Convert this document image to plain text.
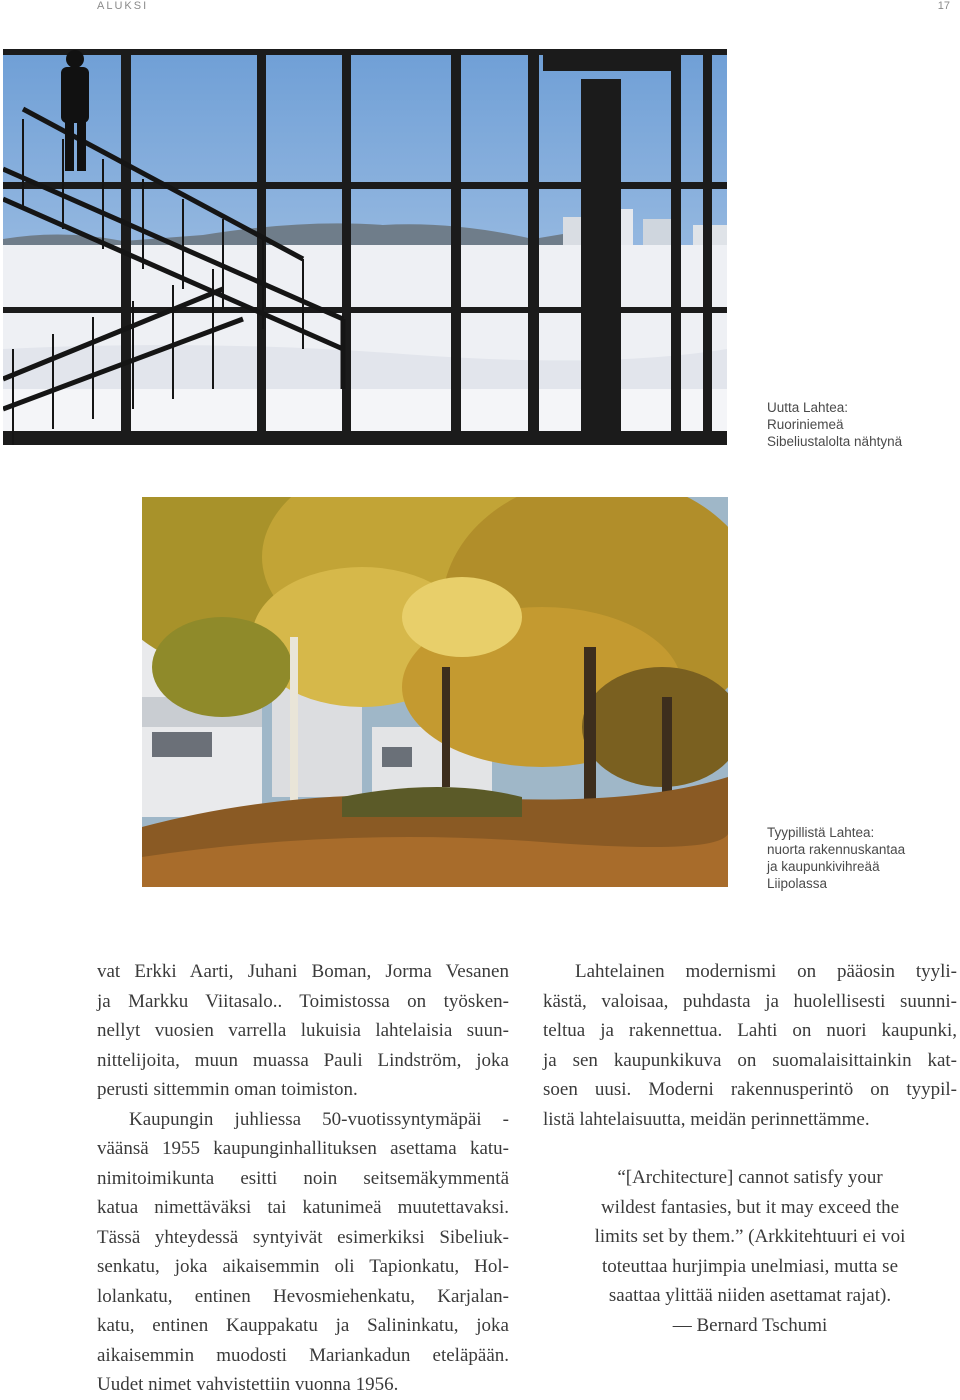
ALUKSI	17
Uutta Lahtea:
Ruoriniemeä
Sibeliustalolta nähtynä
Tyypillistä Lahtea:
nuorta rakennuskantaa
ja kaupunkivihreää
Liipolassa
vat Erkki Aarti, Juhani Boman, Jorma Vesanen
ja Markku Viitasalo.. Toimistossa on työsken-
nellyt vuosien varrella lukuisia lahtelaisia suun-
nittelijoita, muun muassa Pauli Lindström, joka
perusti sittemmin oman toimiston.
Kaupungin juhliessa 50-vuotissyntymäpäi -
väänsä 1955 kaupunginhallituksen asettama katu-
nimitoimikunta esitti noin seitsemäkymmentä
katua nimettäväksi tai katunimeä muutettavaksi.
Tässä yhteydessä syntyivät esimerkiksi Sibeliuk-
senkatu, joka aikaisemmin oli Tapionkatu, Hol-
lolankatu, entinen Hevosmiehenkatu, Karjalan-
katu, entinen Kauppakatu ja Salininkatu, joka
aikaisemmin muodosti Mariankadun eteläpään.
Uudet nimet vahvistettiin vuonna 1956.
Lahtelainen modernismi on pääosin tyyli-
kästä, valoisaa, puhdasta ja huolellisesti suunni-
teltua ja rakennettua. Lahti on nuori kaupunki,
ja sen kaupunkikuva on suomalaisittainkin kat-
soen uusi. Moderni rakennusperintö on tyypil-
listä lahtelaisuutta, meidän perinnettämme.
“[Architecture] cannot satisfy your
wildest fantasies, but it may exceed the
limits set by them.” (Arkkitehtuuri ei voi
toteuttaa hurjimpia unelmiasi, mutta se
saattaa ylittää niiden asettamat rajat).
— Bernard Tschumi
